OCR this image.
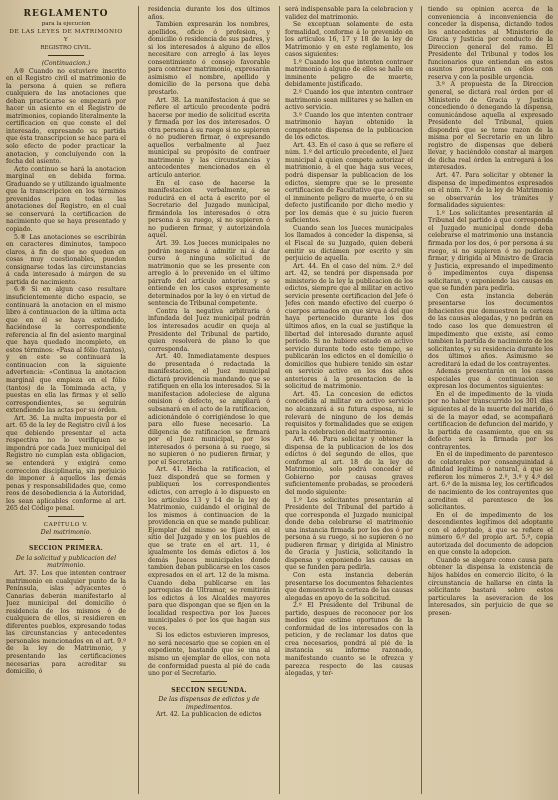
REGLAMENTO
para la ejecucion
DE LAS LEYES DE MATRIMONIO Y
REGISTRO CIVIL.
(Continuacion.)
A® Cuando no estuviere inscrito en el Registro civil el matrimonio de la persona á quien se refiera cualquiera de las anotaciones que deban practicarse se empezará por hacer un asiento en el Registro de matrimonios, copiando literalmente la certificacion en que conste el del interesado, expresando su partida que ésta transcripcion se hace para el solo efecto de poder practicar la anotacion, y concluíyendo con la fecha del asiento.
Acto continuo se hará la anotacion marginal en debida forma. Graduando se y utilizando igualmente que la transcripcion en los términos prevenidos para todas las anotaciones del Registro, en el cual se conservará la certificacion de nacimiento que se haya presentado y copiado.
5.® Las anotaciones se escribirán en caracteres diminutos, tampoco claros, á fin de que no queden en cosas muy cuestionables, pueden consignarse todas las circunstancias á cada interesado á márgen de su partida de nacimiento.
6.® Si en algun caso resultare insuficientemente dicho espacio, se continuará la anotacion en el mismo libro á continuacion de la última acta que en él se haya extendido, haciéndose la correspondiente referencia al fin del asiento marginal que haya quedado incompleto, en estos términos: «Pasa al fólio (tantos), y en este se continuará la continuacion con la siguiente advertencia: «Continua la anotacion marginal que empieza en el fólio (tantos) de la Tomimada acta, y puestas en ella las firmas y el sello correspondientes, se seguirán extendiendo las actas por su órden.
Art. 36. La multa impuesta por el art. 65 de la ley de Registro civil á los que debiendo presentar el acta respectiva no lo verifiquen se impondrá por cada Juez municipal del Registro no cumplan esta obligacion, se entenderá y exigirá como correccion disciplinaria, sin perjuicio de imponer á aquellos las demás penas y responsabilidades que, como reos de desobediencia á la Autoridad, les sean aplicables conforme al art. 265 del Código penal.
CAPÍTULO V.
Del matrimonio.
SECCION PRIMERA.
De la solicitud y publicacion del matrimonio.
Art. 37. Los que intenten contraer matrimonio en cualquier punto de la Península, islas adyacentes ó Canarias deberán manifestarlo al Juez municipal del domicilio ó residencia de los mismos ó de cualquiera de ellos, si residieren en diferentes pueblos, expresando todas las circunstancias y antecedentes personales mencionados en el art. 9.º de la ley de Matrimonio, y presentando las certificaciones necesarias para acreditar su domicilio, ó
residencia durante los dos últimos años.
Tambien expresarán los nombres, apellidos, oficio ó profesion, y domicilio ó residencia de sus padres, y si los interesados á alguno de ellos necesitare con arreglo á las leyes consentimiento ó consejo favorable para contraer matrimonio, expresarán asimismo el nombre, apellido y domicilio de la persona que deba prestarlo.
Art. 38. La manifestacion á que se refiere el artículo precedente podrá hacerse por medio de solicitud escrita y firmada por los dos interesados. O otra persona á su ruego si no supieren ó no pudieren firmar, ó expresando aquellos verbalmente al Juez municipal su propósito de contraer matrimonio y las circunstancias y antecedentes mencionados en el artículo anterior.
En el caso de hacerse la manifestacion verbalmente, se reducirá en el acta á escrito por el Secretario del Juzgado municipal, firmándola los interesados ó otra persona á su ruego, si no supieren ó no pudieren firmar, y autorizándola aquel.
Art. 39. Los Jueces municipales no podrán negarse á admitir ni á dar curso á ninguna solicitud de matrimonio que se les presente con arreglo á lo prevenido en el último párrafo del artículo anterior, y se entiende en los casos expresamente determinados por la ley ó en virtud de sentencia de Tribunal competente.
Contra la negativa arbitraria ó infundada del Juez municipal podrán los interesados acudir en queja al Presidente del Tribunal de partido, quien resolverá de plano lo que corresponda.
Art. 40. Inmediatamente despues de presentada ó redactada la manifestacion, el Juez municipal dictará providencia mandando que se ratifiquen en ella los interesados. Si la manifestacion adoleciese de alguna omision ó defecto, se ampliará ó subsanará en el acto de la ratificacion, adicionándole ó corrigiéndose lo que para ello fuese necesario. La diligencia de ratificacion se firmará por el Juez municipal, por los interesados ó persona á su ruego, si no supieren ó no pudieren firmar, y por el Secretario.
Art. 41. Hecha la ratificacion, el Juez dispondrá que se formen y publiquen los correspondientes edictos, con arreglo á lo dispuesto en los artículos 13 y 14 de la ley de Matrimonio, cuidando el original de los mismos á continuacion de la providencia en que se mande publicar. Ejemplar del mismo se fijará en el sitio del Juzgado y en los pueblos de que se trate en el art. 11, é igualmente los demás edictos á los demás Jueces municipales donde tambien deban publicarse en los casos expresados en el art. 12 de la misma. Cuando deba publicarse en las parroquias de Ultramar, se remitirán los edictos á los Alcaldes mayores para que dispongan que se fijen en la localidad respectiva por los Jueces municipales ó por los que hagan sus veces.
Si los edictos estuvieren impresos, no será necesario que se copien en el expediente, bastando que se una al mismo un ejemplar de ellos, con nota de conformidad puesta al pié de cada uno por el Secretario.
SECCION SEGUNDA.
De las dispensas de edictos y de impedimentos.
Art. 42. La publicacion de edictos
será indispensable para la celebracion y validez del matrimonio.
Se exceptuan solamente de esta formalidad, conforme á lo prevenido en los artículos 16, 17 y 18 de la ley de Matrimonio y en este reglamento, los casos siguientes:
1.º Cuando los que intenten contraer matrimonio á alguno de ellos se halle en inminente peligro de muerte, debidamente justificado.
2.º Cuando los que intenten contraer matrimonio sean militares y se hallen en activo servicio.
3.º Cuando los que intenten contraer matrimonio hayan obtenido la competente dispensa de la publicacion de los edictos.
Art. 43. En el caso á que se refiere el núm. 1.º del artículo precedente, el Juez municipal á quien compete autorizar el matrimonio, á el que haga sus veces, podrá dispensar la publicacion de los edictos, siempre que se le presente certificacion de Facultativo que acredite el inminente peligro de muerte, ó en su defecto justificando por dicho medio y por los demás que é su juicio fueren suficientes.
Cuando sean los Jueces municipales los llamados á conceder la dispensa, si el Fiscal de su Juzgado, quien deberá emitir su dictámen por escrito y sin perjuicio de aquella.
Art. 44. En el caso del núm. 2.º del art. 42, se tendrá por dispensada por ministerio de la ley la publicacion de los edictos, siempre que al militar en activo servicio presente certificacion del Jefe ó Jefes con mando efectivo del cuerpo ó cuerpos armados en que sirva á del que haya pertenecido durante los dos últimos años, en la cual se justifique la libertad del interesado durante aquel período. Si no hubiere estado en activo servicio durante todo este tiempo, se publicarán los edictos en el domicilio ó domicilios que hubiere tenido sin estar en servicio activo en los dos años anteriores á la presentacion de la solicitud de matrimonio.
Art. 45. La concesion de edictos concedida al militar en activo servicio no alcanzará á su futura esposa, ni le relevará de ninguno de los demás requisitos y formalidades que se exigen para la celebracion del matrimonio.
Art. 46. Para solicitar y obtener la dispensa de la publicacion de los dos edictos ó del segundo de ellos, que conforme al art. 18 de la ley de Matrimonio, solo podrá conceder el Gobierno por causas graves suficientemente probadas, se procederá del modo siguiente:
1.º Los solicitantes presentarán al Presidente del Tribunal del partido á que corresponda el Juzgado municipal donde deba celebrarse el matrimonio una instancia firmada por los dos ó por persona á su ruego, si no supieren ó no pudieren firmar, y dirigida al Ministro de Gracia y Justicia, solicitando la dispensa y exponiendo las causas en que se funden para pedirla.
Con esta instancia deberán presentarse los documentos fehacientes que demuestren la certeza de las causas alegadas en apoyo de la solicitud.
2.º El Presidente del Tribunal de partido, despues de reconocer por los medios que estime oportunos de la conformidad de los interesados con la peticion, y de reclamar los datos que crea necesarios, pondrá al pié de la instancia su informe razonado, manifestando cuanto se le ofrezca y parezca respecto de las causas alegadas, y ter-
tiendo su opinion acerca de la conveniencia á inconveniencia de conceder la dispensa, dictando todos los antecedentes al Ministerio de Gracia y Justicia por conducto de la Direccion general del ramo. El Presidente del Tribunal y todos los funcionarios que entiendan en estos asuntos procurarán en ellos con reserva y con la posible urgencia.
3.º A propuesta de la Direccion general, se dictará real órden por el Ministerio de Gracia y Justicia concediendo ó denegando la dispensa, comunicándose aquella al expresado Presidente del Tribunal, quien dispondrá que se tome razon de la misma por el Secretario en un libro registro de dispensas que deberá llevar, y haciéndolo constar al margen de dicha real órden la entregará á los interesados.
Art. 47. Para solicitar y obtener la dispensa de impedimentos expresados en el núm. 7.º de la ley de Matrimonio se observarán los trámites y formalidades siguientes:
1.º Los solicitantes presentarán al Tribunal del partido á que corresponda el Juzgado municipal donde deba celebrarse el matrimonio una instancia firmada por los dos, ó por persona á su ruego, si no supieren ó no pudieren firmar, y dirigida al Ministro de Gracia y Justicia, expresando el impedimento ó impedimentos cuya dispensa solicitaran, y exponiendo las causas en que se funden para pedirla.
Con esta instancia deberán presentarse los documentos fehacientes que demuestren la certeza de las causas alegadas, y no podrán en todo caso los que demuestren el impedimento que existe, así como tambien la partida de nacimiento de los solicitantes, y su residencia durante los dos últimos años. Asimismo se acreditará la edad de los contrayentes.
Además presentarán en los casos especiales que á continuacion se expresan los documentos siguientes:
En el de impedimento de la viuda por no haber transcurrido los 301 días siguientes al de la muerte del marido, ó si de la mayor edad, se acompañará certificacion de defuncion del marido, y la partida de casamiento, que en su defecto será la firmada por los contrayentes.
En el de impedimento de parentesco de colaterales por consanguinidad á afinidad legítima ó natural, á que se refieren los números 2.º, 3.º y 4.º del art. 6.º de la misma ley, los certificados de nacimiento de los contrayentes que acrediten el parentesco de los solicitantes.
En el de impedimento de los descendientes legítimos del adoptante con el adoptado, á que se refiere el número 6.º del propio art. 5.º, copia autorizada del documento de adopcion en que conste la adopcion.
Cuando se alegare como causa para obtener la dispensa la existencia de hijos habidos en comercio ilícito, ó la circunstancia de hallarse en cinta la solicitante bastará sobre estos particulares la aseveracion de los interesados, sin perjuicio de que se presen-
